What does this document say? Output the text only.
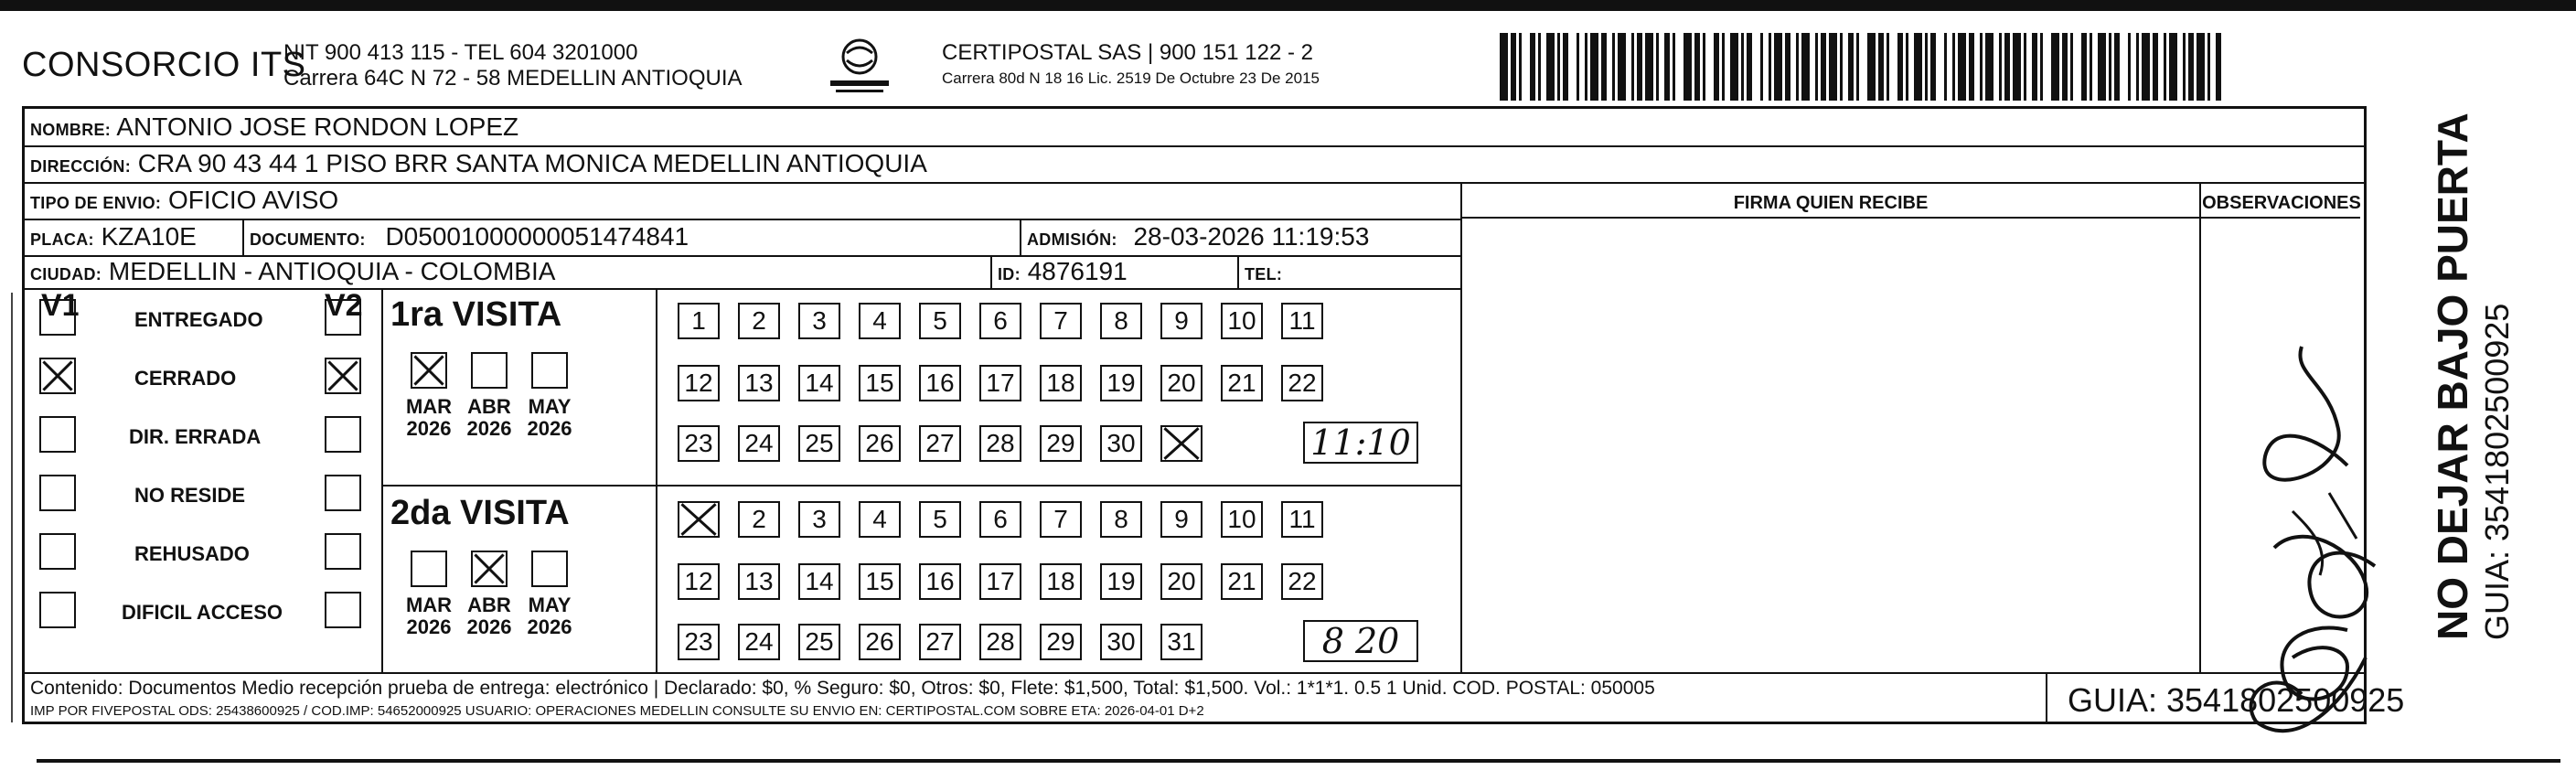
CONSORCIO ITS
NIT 900 413 115 - TEL 604 3201000
Carrera 64C N 72 - 58 MEDELLIN ANTIOQUIA
CERTIPOSTAL SAS | 900 151 122 - 2
Carrera 80d N 18 16 Lic. 2519 De Octubre 23 De 2015
NOMBRE: ANTONIO JOSE RONDON LOPEZ
DIRECCIÓN: CRA 90 43 44 1 PISO BRR SANTA MONICA MEDELLIN ANTIOQUIA
TIPO DE ENVIO: OFICIO AVISO	FIRMA QUIEN RECIBE	OBSERVACIONES
PLACA: KZA10E	DOCUMENTO: D05001000000051474841	ADMISIÓN: 28-03-2026 11:19:53
CIUDAD: MEDELLIN - ANTIOQUIA - COLOMBIA	ID: 4876191	TEL:
V1	V2
ENTREGADO
CERRADO
DIR. ERRADA
NO RESIDE
REHUSADO
DIFICIL ACCESO
1ra VISITA
MAR
2026
ABR
2026
MAY
2026
1	2	3	4	5	6	7	8	9	10	11
12 13 14 15 16 17 18 19 20 21 22
23 24 25 26 27 28 29 30	11:10
2da VISITA
MAR
2026
ABR
2026
MAY
2026
2	3	4	5	6	7	8	9	10	11
12 13 14 15 16 17 18 19 20 21 22
23 24 25 26 27 28 29 30 31	8 20
Contenido: Documentos Medio recepción prueba de entrega: electrónico | Declarado: $0, % Seguro: $0, Otros: $0, Flete: $1,500, Total: $1,500. Vol.: 1*1*1. 0.5 1 Unid. COD. POSTAL: 050005
IMP POR FIVEPOSTAL ODS: 25438600925 / COD.IMP: 54652000925 USUARIO: OPERACIONES MEDELLIN CONSULTE SU ENVIO EN: CERTIPOSTAL.COM SOBRE ETA: 2026-04-01 D+2	GUIA: 3541802500925
NO DEJAR BAJO PUERTA GUIA: 3541802500925
